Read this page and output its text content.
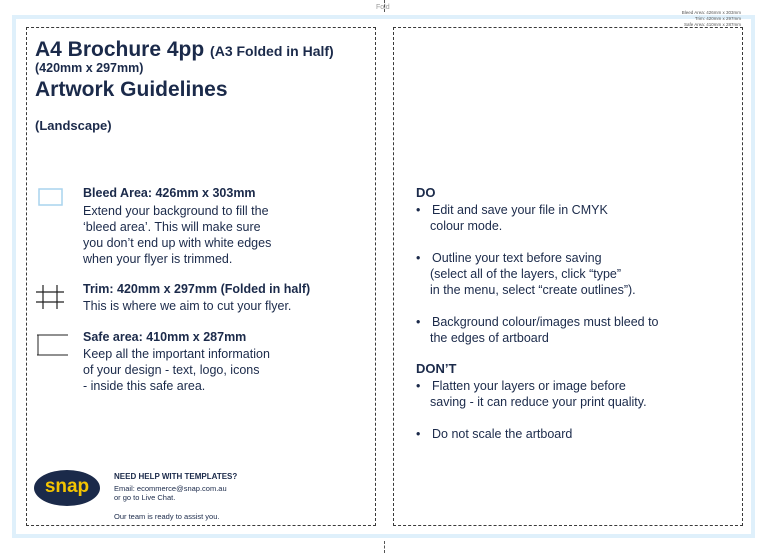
Fold
Bleed Area: 426mm x 303mm
Trim: 420mm x 297mm
Safe Area: 410mm x 287mm
A4 Brochure 4pp (A3 Folded in Half)
(420mm x 297mm)
Artwork Guidelines
(Landscape)
Bleed Area: 426mm x 303mm
Extend your background to fill the
‘bleed area’. This will make sure
you don’t end up with white edges
when your flyer is trimmed.
Trim: 420mm x 297mm (Folded in half)
This is where we aim to cut your flyer.
Safe area: 410mm x 287mm
Keep all the important information
of your design - text, logo, icons
- inside this safe area.
DO
• Edit and save your file in CMYK
colour mode.
• Outline your text before saving
(select all of the layers, click “type”
in the menu, select “create outlines”).
• Background colour/images must bleed to
the edges of artboard
DON’T
• Flatten your layers or image before
saving - it can reduce your print quality.
• Do not scale the artboard
snap	NEED HELP WITH TEMPLATES?
Email: ecommerce@snap.com.au
or go to Live Chat.
Our team is ready to assist you.
